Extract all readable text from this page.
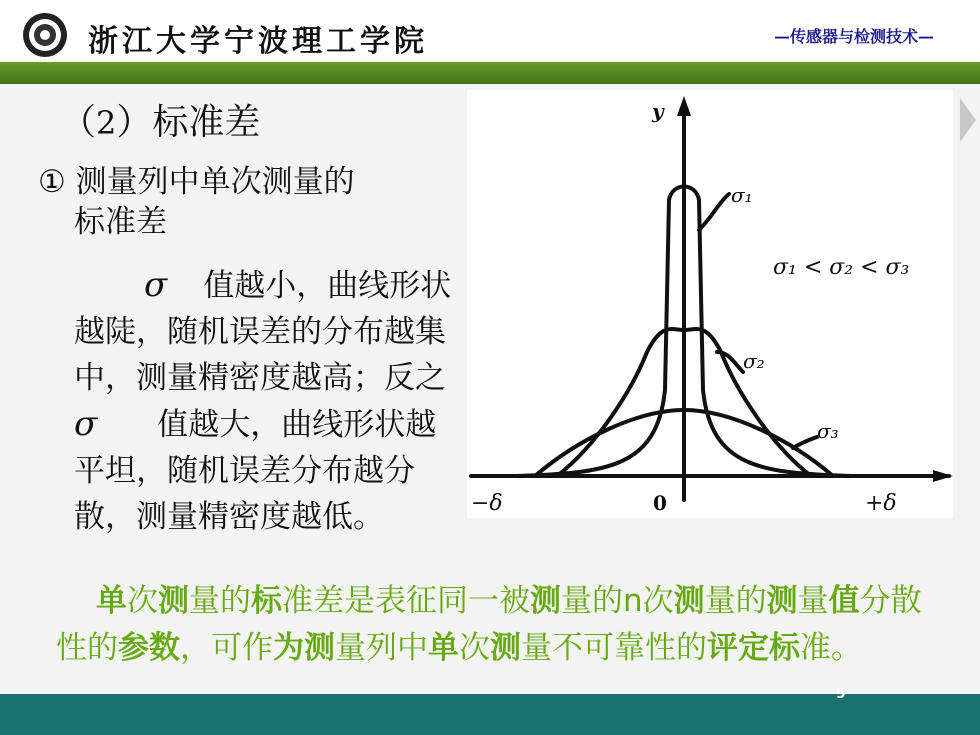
浙江大学宁波理工学院	—传感器与检测技术—
y
σ₁
σ₁ < σ₂ < σ₃
σ₂
σ₃
−δ	0	+δ
（2）标准差
① 测量列中单次测量的
标准差
σ 值越小，曲线形状越陡，随机误差的分布越集中，测量精密度越高；反之σ 值越大，曲线形状越平坦，随机误差分布越分散，测量精密度越低。
单次测量的标准差是表征同一被测量的n次测量的测量值分散性的参数，可作为测量列中单次测量不可靠性的评定标准。
9
